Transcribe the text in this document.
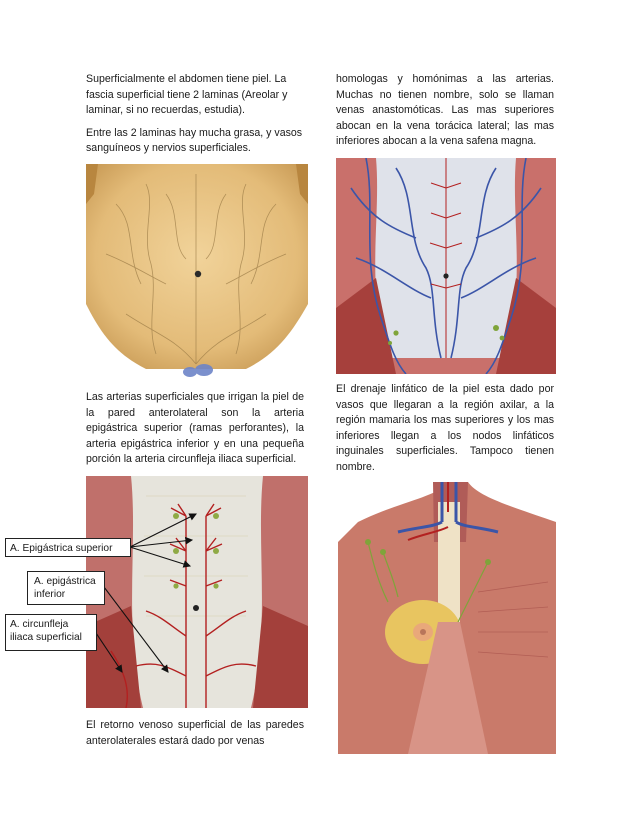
Superficialmente el abdomen tiene piel. La fascia superficial tiene 2 laminas (Areolar y laminar, si no recuerdas, estudia).

Entre las 2 laminas hay mucha grasa, y vasos sanguíneos y nervios superficiales.

homologas y homónimas a las arterias. Muchas no tienen nombre, solo se llaman venas anastomóticas. Las mas superiores abocan en la vena torácica lateral; las mas inferiores abocan a la vena safena magna.

Las arterias superficiales que irrigan la piel de la pared anterolateral son la arteria epigástrica superior (ramas perforantes), la arteria epigástrica inferior y en una pequeña porción la arteria circunfleja iliaca superficial.

El drenaje linfático de la piel esta dado por vasos que llegaran a la región axilar, a la región mamaria los mas superiores y los mas inferiores llegan a los nodos linfáticos inguinales superficiales. Tampoco tienen nombre.

El retorno venoso superficial de las paredes anterolaterales estará dado por venas

A. Epigástrica superior
A. epigástrica inferior
A. circunfleja iliaca superficial
